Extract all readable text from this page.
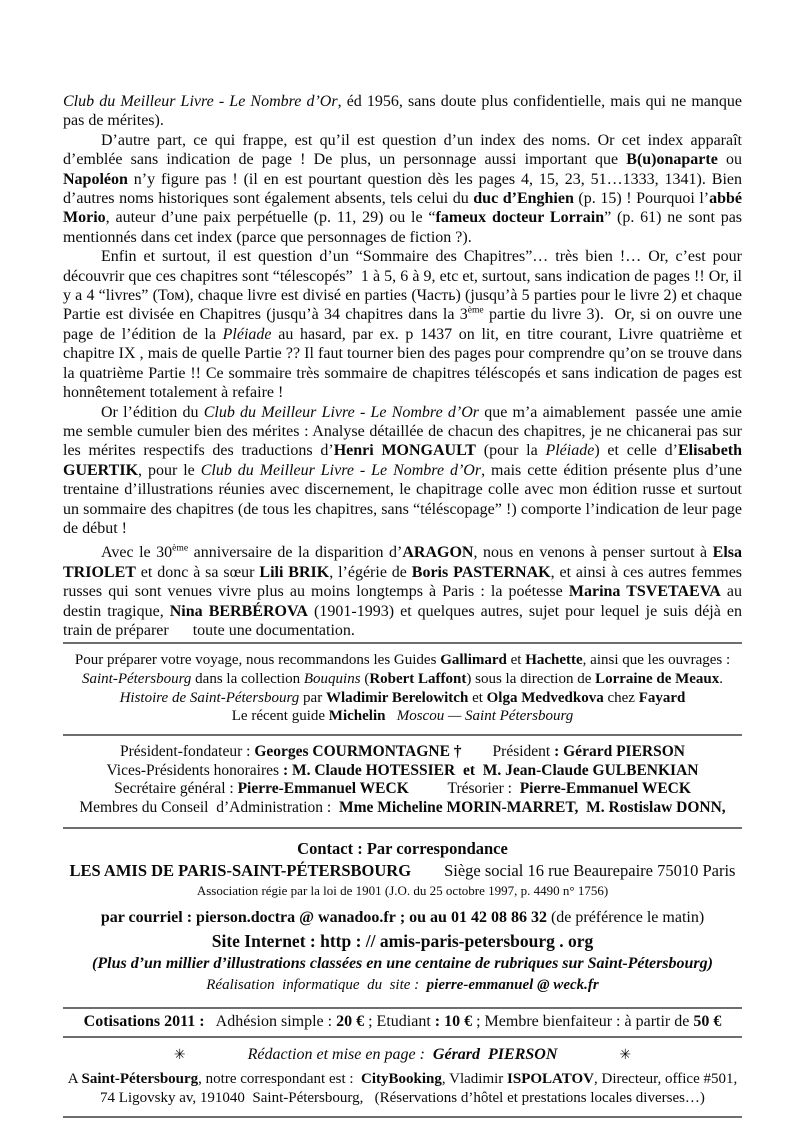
Club du Meilleur Livre - Le Nombre d’Or, éd 1956, sans doute plus confidentielle, mais qui ne manque pas de mérites).

D’autre part, ce qui frappe, est qu’il est question d’un index des noms. Or cet index apparaît d’emblée sans indication de page ! De plus, un personnage aussi important que B(u)onaparte ou Napoléon n’y figure pas ! (il en est pourtant question dès les pages 4, 15, 23, 51…1333, 1341). Bien d’autres noms historiques sont également absents, tels celui du duc d’Enghien (p. 15) ! Pourquoi l’abbé Morio, auteur d’une paix perpétuelle (p. 11, 29) ou le “fameux docteur Lorrain” (p. 61) ne sont pas mentionnés dans cet index (parce que personnages de fiction ?).

Enfin et surtout, il est question d’un “Sommaire des Chapitres”… très bien !… Or, c’est pour découvrir que ces chapitres sont “télescopés”  1 à 5, 6 à 9, etc et, surtout, sans indication de pages !! Or, il y a 4 “livres” (Том), chaque livre est divisé en parties (Часть) (jusqu’à 5 parties pour le livre 2) et chaque Partie est divisée en Chapitres (jusqu’à 34 chapitres dans la 3ème partie du livre 3).  Or, si on ouvre une page de l’édition de la Pléiade au hasard, par ex. p 1437 on lit, en titre courant, Livre quatrième et chapitre IX , mais de quelle Partie ?? Il faut tourner bien des pages pour comprendre qu’on se trouve dans la quatrième Partie !! Ce sommaire très sommaire de chapitres téléscopés et sans indication de pages est honnêtement totalement à refaire !

Or l’édition du Club du Meilleur Livre - Le Nombre d’Or que m’a aimablement  passée une amie me semble cumuler bien des mérites : Analyse détaillée de chacun des chapitres, je ne chicanerai pas sur les mérites respectifs des traductions d’Henri MONGAULT (pour la Pléiade) et celle d’Elisabeth GUERTIK, pour le Club du Meilleur Livre - Le Nombre d’Or, mais cette édition présente plus d’une trentaine d’illustrations réunies avec discernement, le chapitrage colle avec mon édition russe et surtout un sommaire des chapitres (de tous les chapitres, sans “téléscopage” !) comporte l’indication de leur page de début !

Avec le 30ème anniversaire de la disparition d’ARAGON, nous en venons à penser surtout à Elsa TRIOLET et donc à sa sœur Lili BRIK, l’égérie de Boris PASTERNAK, et ainsi à ces autres femmes russes qui sont venues vivre plus au moins longtemps à Paris : la poétesse Marina TSVETAEVA au destin tragique, Nina BERBÉROVA (1901-1993) et quelques autres, sujet pour lequel je suis déjà en train de préparer      toute une documentation.

Pour préparer votre voyage, nous recommandons les Guides Gallimard et Hachette, ainsi que les ouvrages :
Saint-Pétersbourg dans la collection Bouquins (Robert Laffont) sous la direction de Lorraine de Meaux.
Histoire de Saint-Pétersbourg par Wladimir Berelowitch et Olga Medvedkova chez Fayard
Le récent guide Michelin Moscou — Saint Pétersbourg
Président-fondateur : Georges COURMONTAGNE †        Président : Gérard PIERSON
Vices-Présidents honoraires : M. Claude HOTESSIER  et  M. Jean-Claude GULBENKIAN
Secrétaire général : Pierre-Emmanuel WECK          Trésorier :  Pierre-Emmanuel WECK
Membres du Conseil  d’Administration :  Mme Micheline MORIN-MARRET,  M. Rostislaw DONN,
Contact : Par correspondance
LES AMIS DE PARIS-SAINT-PÉTERSBOURG        Siège social 16 rue Beaurepaire 75010 Paris
Association régie par la loi de 1901 (J.O. du 25 octobre 1997, p. 4490 n° 1756)
par courriel : pierson.doctra @ wanadoo.fr ; ou au 01 42 08 86 32 (de préférence le matin)
Site Internet : http : // amis-paris-petersbourg . org
(Plus d’un millier d’illustrations classées en une centaine de rubriques sur Saint-Pétersbourg)
Réalisation  informatique  du  site :  pierre-emmanuel @ weck.fr
Cotisations 2011 :   Adhésion simple : 20 € ; Etudiant : 10 € ; Membre bienfaiteur : à partir de 50 €
✳	Rédaction et mise en page :  Gérard  PIERSON	✳
A Saint-Pétersbourg, notre correspondant est :  CityBooking, Vladimir ISPOLATOV, Directeur, office #501,
74 Ligovsky av, 191040  Saint-Pétersbourg,   (Réservations d’hôtel et prestations locales diverses…)
